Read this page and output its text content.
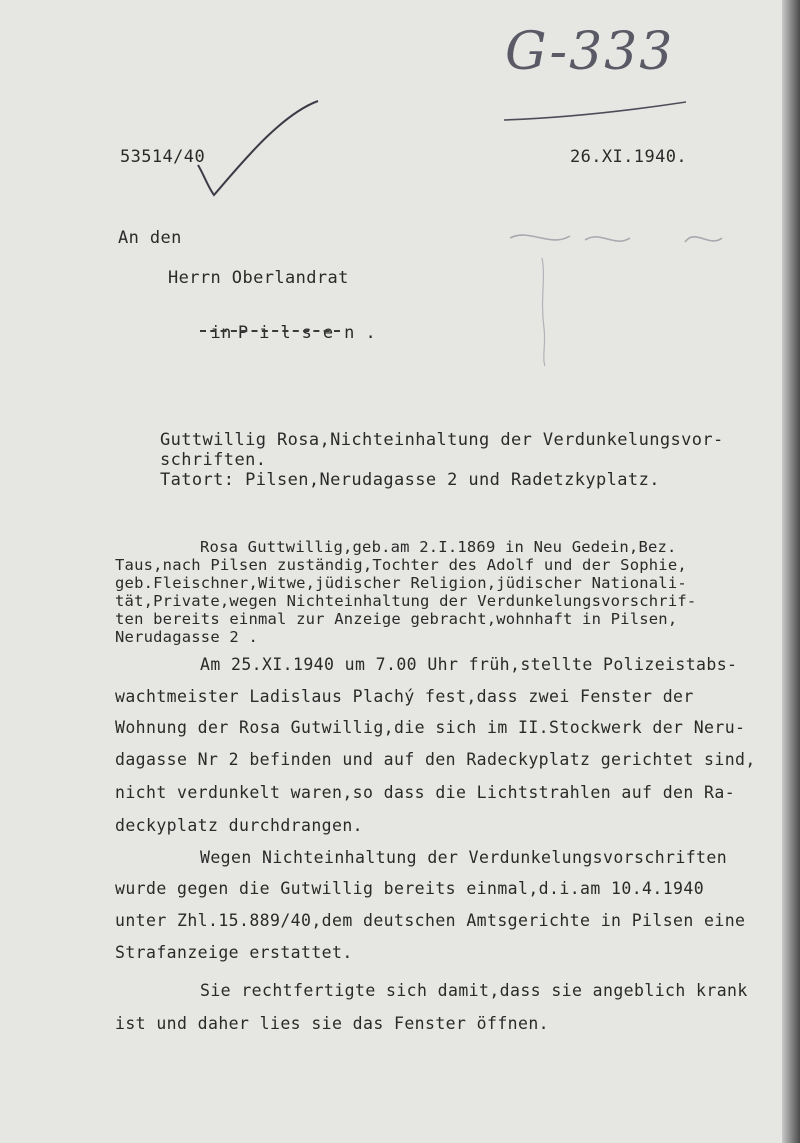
G-333
53514/40	26.XI.1940.
An den
Herrn Oberlandrat

in P i l s e n .

Guttwillig Rosa,Nichteinhaltung der Verdunkelungsvor-
schriften.
Tatort: Pilsen,Nerudagasse 2 und Radetzkyplatz.
Rosa Guttwillig,geb.am 2.I.1869 in Neu Gedein,Bez.
Taus,nach Pilsen zuständig,Tochter des Adolf und der Sophie,
geb.Fleischner,Witwe,jüdischer Religion,jüdischer Nationali-
tät,Private,wegen Nichteinhaltung der Verdunkelungsvorschrif-
ten bereits einmal zur Anzeige gebracht,wohnhaft in Pilsen,
Nerudagasse 2 .
Am 25.XI.1940 um 7.00 Uhr früh,stellte Polizeistabs-
wachtmeister Ladislaus Plachý fest,dass zwei Fenster der
Wohnung der Rosa Gutwillig,die sich im II.Stockwerk der Neru-
dagasse Nr 2 befinden und auf den Radeckyplatz gerichtet sind,
nicht verdunkelt waren,so dass die Lichtstrahlen auf den Ra-
deckyplatz durchdrangen.
Wegen Nichteinhaltung der Verdunkelungsvorschriften
wurde gegen die Gutwillig bereits einmal,d.i.am 10.4.1940
unter Zhl.15.889/40,dem deutschen Amtsgerichte in Pilsen eine
Strafanzeige erstattet.
Sie rechtfertigte sich damit,dass sie angeblich krank
ist und daher lies sie das Fenster öffnen.
